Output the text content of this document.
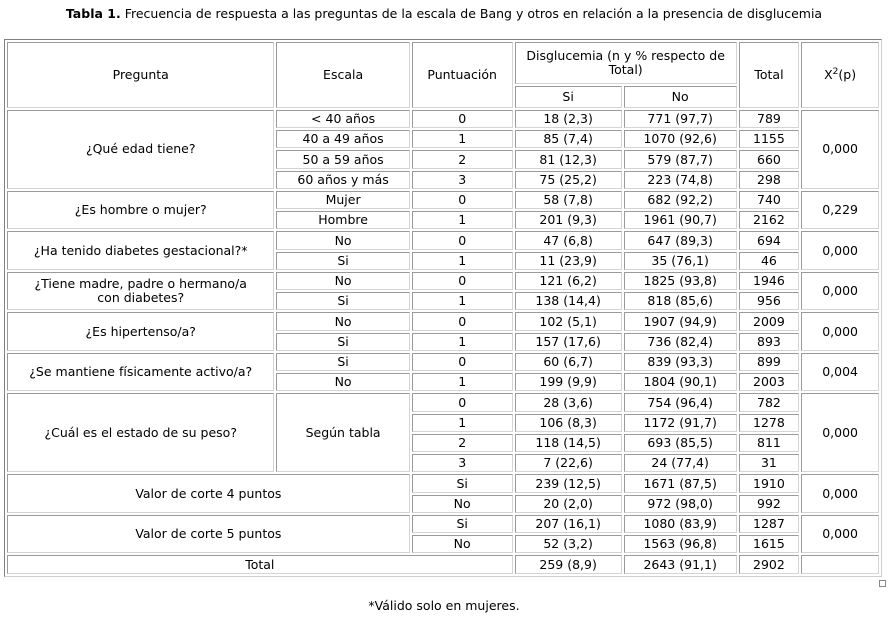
Tabla 1. Frecuencia de respuesta a las preguntas de la escala de Bang y otros en relación a la presencia de disglucemia
Pregunta	Escala	Puntuación	Disglucemia (n y % respecto de Total)		Total	$X^2(p)$
			Si	No		
¿Qué edad tiene?	< 40 años	0	18 (2,3)	771 (97,7)	789	0,000
	40 a 49 años	1	85 (7,4)	1070 (92,6)	1155	
	50 a 59 años	2	81 (12,3)	579 (87,7)	660	
	60 años y más	3	75 (25,2)	223 (74,8)	298	
¿Es hombre o mujer?	Mujer	0	58 (7,8)	682 (92,2)	740	0,229
	Hombre	1	201 (9,3)	1961 (90,7)	2162	
¿Ha tenido diabetes gestacional?*	No	0	47 (6,8)	647 (89,3)	694	0,000
	Si	1	11 (23,9)	35 (76,1)	46	
¿Tiene madre, padre o hermano/a
con diabetes?	No	0	121 (6,2)	1825 (93,8)	1946	0,000
	Si	1	138 (14,4)	818 (85,6)	956	
¿Es hipertenso/a?	No	0	102 (5,1)	1907 (94,9)	2009	0,000
	Si	1	157 (17,6)	736 (82,4)	893	
¿Se mantiene físicamente activo/a?	Si	0	60 (6,7)	839 (93,3)	899	0,004
	No	1	199 (9,9)	1804 (90,1)	2003	
¿Cuál es el estado de su peso?	Según tabla	0	28 (3,6)	754 (96,4)	782	0,000
		1	106 (8,3)	1172 (91,7)	1278	
		2	118 (14,5)	693 (85,5)	811	
		3	7 (22,6)	24 (77,4)	31	
Valor de corte 4 puntos		Si	239 (12,5)	1671 (87,5)	1910	0,000
		No	20 (2,0)	972 (98,0)	992	
Valor de corte 5 puntos		Si	207 (16,1)	1080 (83,9)	1287	0,000
		No	52 (3,2)	1563 (96,8)	1615	
Total			259 (8,9)	2643 (91,1)	2902	
*Válido solo en mujeres.
